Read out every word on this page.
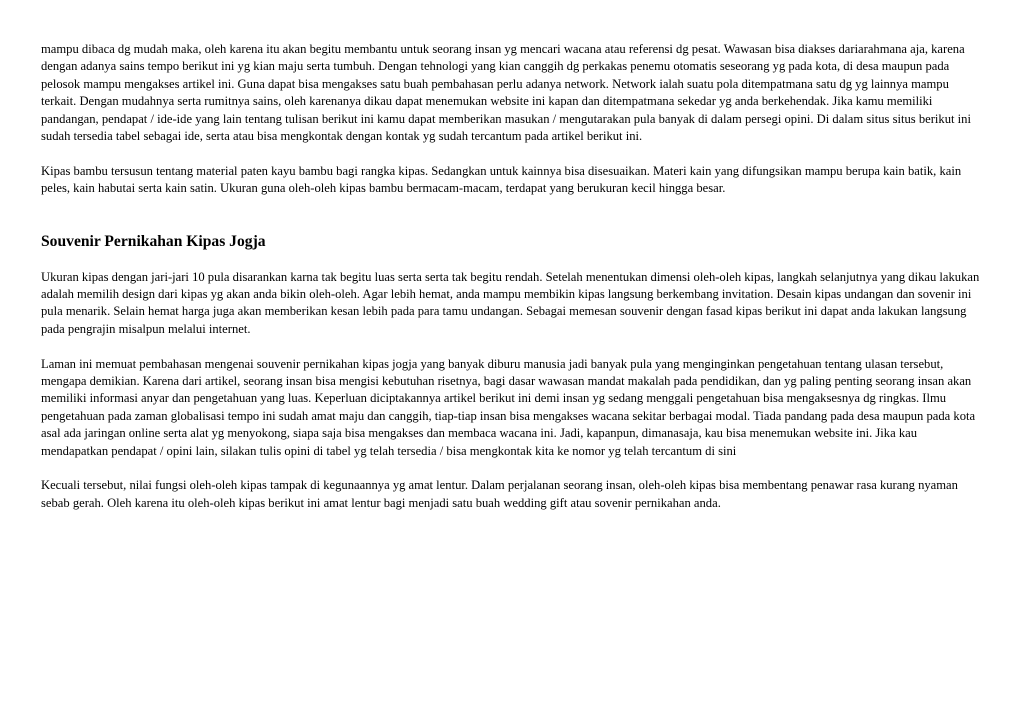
mampu dibaca dg mudah maka, oleh karena itu akan begitu membantu untuk seorang insan yg mencari wacana atau referensi dg pesat. Wawasan bisa diakses dariarahmana aja, karena dengan adanya sains tempo berikut ini yg kian maju serta tumbuh. Dengan tehnologi yang kian canggih dg perkakas penemu otomatis seseorang yg pada kota, di desa maupun pada pelosok mampu mengakses artikel ini. Guna dapat bisa mengakses satu buah pembahasan perlu adanya network. Network ialah suatu pola ditempatmana satu dg yg lainnya mampu terkait. Dengan mudahnya serta rumitnya sains, oleh karenanya dikau dapat menemukan website ini kapan dan ditempatmana sekedar yg anda berkehendak. Jika kamu memiliki pandangan, pendapat / ide-ide yang lain tentang tulisan berikut ini kamu dapat memberikan masukan / mengutarakan pula banyak di dalam persegi opini. Di dalam situs situs berikut ini sudah tersedia tabel sebagai ide, serta atau bisa mengkontak dengan kontak yg sudah tercantum pada artikel berikut ini.

Kipas bambu tersusun tentang material paten kayu bambu bagi rangka kipas. Sedangkan untuk kainnya bisa disesuaikan. Materi kain yang difungsikan mampu berupa kain batik, kain peles, kain habutai serta kain satin. Ukuran guna oleh-oleh kipas bambu bermacam-macam, terdapat yang berukuran kecil hingga besar.

Souvenir Pernikahan Kipas Jogja

Ukuran kipas dengan jari-jari 10 pula disarankan karna tak begitu luas serta serta tak begitu rendah. Setelah menentukan dimensi oleh-oleh kipas, langkah selanjutnya yang dikau lakukan adalah memilih design dari kipas yg akan anda bikin oleh-oleh. Agar lebih hemat, anda mampu membikin kipas langsung berkembang invitation. Desain kipas undangan dan sovenir ini pula menarik. Selain hemat harga juga akan memberikan kesan lebih pada para tamu undangan. Sebagai memesan souvenir dengan fasad kipas berikut ini dapat anda lakukan langsung pada pengrajin misalpun melalui internet.

Laman ini memuat pembahasan mengenai souvenir pernikahan kipas jogja yang banyak diburu manusia jadi banyak pula yang menginginkan pengetahuan tentang ulasan tersebut, mengapa demikian. Karena dari artikel, seorang insan bisa mengisi kebutuhan risetnya, bagi dasar wawasan mandat makalah pada pendidikan, dan yg paling penting seorang insan akan memiliki informasi anyar dan pengetahuan yang luas. Keperluan diciptakannya artikel berikut ini demi insan yg sedang menggali pengetahuan bisa mengaksesnya dg ringkas. Ilmu pengetahuan pada zaman globalisasi tempo ini sudah amat maju dan canggih, tiap-tiap insan bisa mengakses wacana sekitar berbagai modal. Tiada pandang pada desa maupun pada kota asal ada jaringan online serta alat yg menyokong, siapa saja bisa mengakses dan membaca wacana ini. Jadi, kapanpun, dimanasaja, kau bisa menemukan website ini. Jika kau mendapatkan pendapat / opini lain, silakan tulis opini di tabel yg telah tersedia / bisa mengkontak kita ke nomor yg telah tercantum di sini

Kecuali tersebut, nilai fungsi oleh-oleh kipas tampak di kegunaannya yg amat lentur. Dalam perjalanan seorang insan, oleh-oleh kipas bisa membentang penawar rasa kurang nyaman sebab gerah. Oleh karena itu oleh-oleh kipas berikut ini amat lentur bagi menjadi satu buah wedding gift atau sovenir pernikahan anda.
